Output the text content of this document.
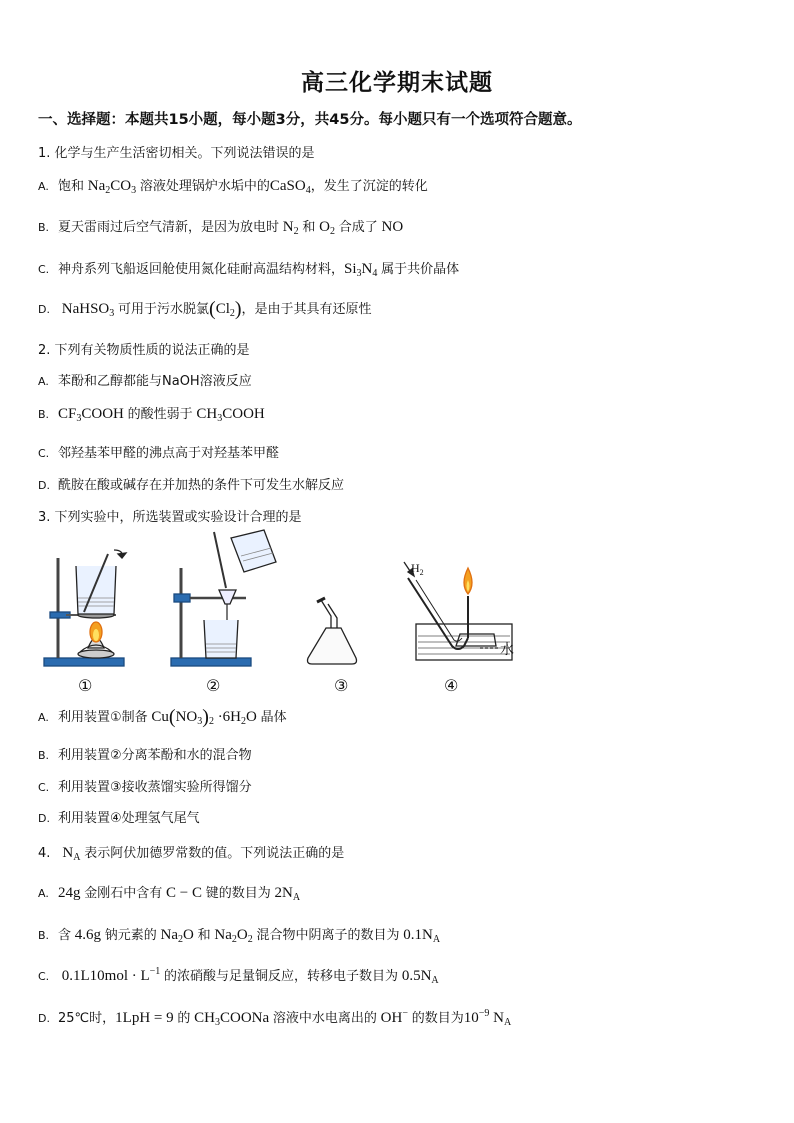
高三化学期末试题
一、选择题：本题共15小题，每小题3分，共45分。每小题只有一个选项符合题意。
1. 化学与生产生活密切相关。下列说法错误的是
A. 饱和 $Na_2CO_3$ 溶液处理锅炉水垢中的CaSO$_4$，发生了沉淀的转化
B. 夏天雷雨过后空气清新，是因为放电时 $N_2$ 和 $O_2$ 合成了 NO
C. 神舟系列飞船返回舱使用氮化硅耐高温结构材料，$Si_3N_4$ 属于共价晶体
D. NaHSO$_3$ 可用于污水脱氯$(Cl_2)$，是由于其具有还原性
2. 下列有关物质性质的说法正确的是
A. 苯酚和乙醇都能与NaOH溶液反应
B. $CF_3COOH$ 的酸性弱于 $CH_3COOH$
C. 邻羟基苯甲醛的沸点高于对羟基苯甲醛
D. 酰胺在酸或碱存在并加热的条件下可发生水解反应
3. 下列实验中，所选装置或实验设计合理的是
$H_2$
水
①	②	③	④
A. 利用装置①制备 $Cu(NO_3)_2 \cdot 6H_2O$ 晶体
B. 利用装置②分离苯酚和水的混合物
C. 利用装置③接收蒸馏实验所得馏分
D. 利用装置④处理氢气尾气
4.   $N_A$ 表示阿伏加德罗常数的值。下列说法正确的是
A. 24g 金刚石中含有 C − C 键的数目为 $2N_A$
B. 含 4.6g 钠元素的 $Na_2O$ 和 $Na_2O_2$ 混合物中阴离子的数目为 $0.1N_A$
C. $0.1L10mol \cdot L^{-1}$ 的浓硝酸与足量铜反应，转移电子数目为 $0.5N_A$
D. 25℃时，1LpH = 9 的 $CH_3COONa$ 溶液中水电离出的 OH− 的数目为$10^{-9}$ $N_A$
